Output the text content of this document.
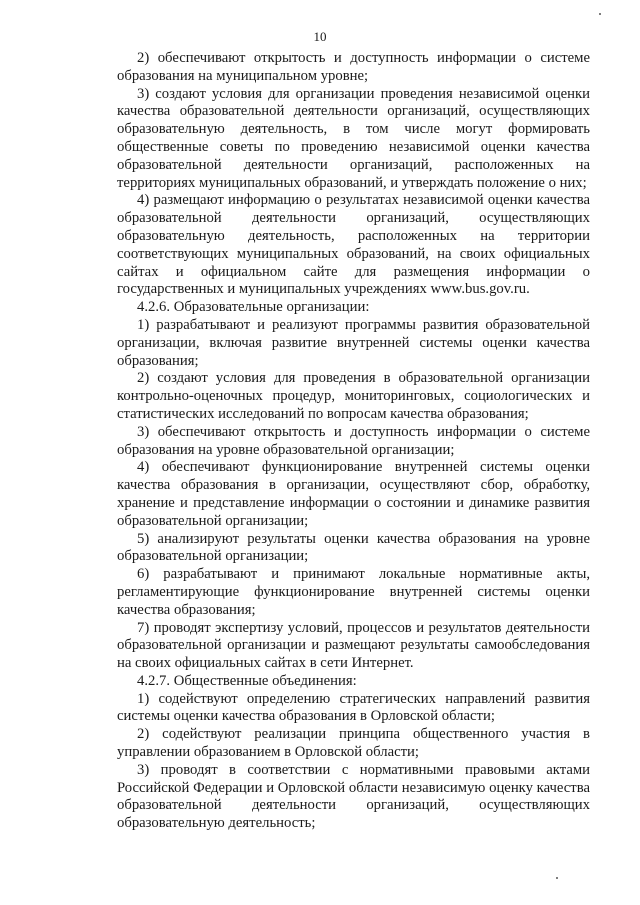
10

2) обеспечивают открытость и доступность информации о системе образования на муниципальном уровне;

3) создают условия для организации проведения независимой оценки качества образовательной деятельности организаций, осуществляющих образовательную деятельность, в том числе могут формировать общественные советы по проведению независимой оценки качества образовательной деятельности организаций, расположенных на территориях муниципальных образований, и утверждать положение о них;

4) размещают информацию о результатах независимой оценки качества образовательной деятельности организаций, осуществляющих образовательную деятельность, расположенных на территории соответствующих муниципальных образований, на своих официальных сайтах и официальном сайте для размещения информации о государственных и муниципальных учреждениях www.bus.gov.ru.

4.2.6. Образовательные организации:

1) разрабатывают и реализуют программы развития образовательной организации, включая развитие внутренней системы оценки качества образования;

2) создают условия для проведения в образовательной организации контрольно-оценочных процедур, мониторинговых, социологических и статистических исследований по вопросам качества образования;

3) обеспечивают открытость и доступность информации о системе образования на уровне образовательной организации;

4) обеспечивают функционирование внутренней системы оценки качества образования в организации, осуществляют сбор, обработку, хранение и представление информации о состоянии и динамике развития образовательной организации;

5) анализируют результаты оценки качества образования на уровне образовательной организации;

6) разрабатывают и принимают локальные нормативные акты, регламентирующие функционирование внутренней системы оценки качества образования;

7) проводят экспертизу условий, процессов и результатов деятельности образовательной организации и размещают результаты самообследования на своих официальных сайтах в сети Интернет.

4.2.7. Общественные объединения:

1) содействуют определению стратегических направлений развития системы оценки качества образования в Орловской области;

2) содействуют реализации принципа общественного участия в управлении образованием в Орловской области;

3) проводят в соответствии с нормативными правовыми актами Российской Федерации и Орловской области независимую оценку качества образовательной деятельности организаций, осуществляющих образовательную деятельность;
